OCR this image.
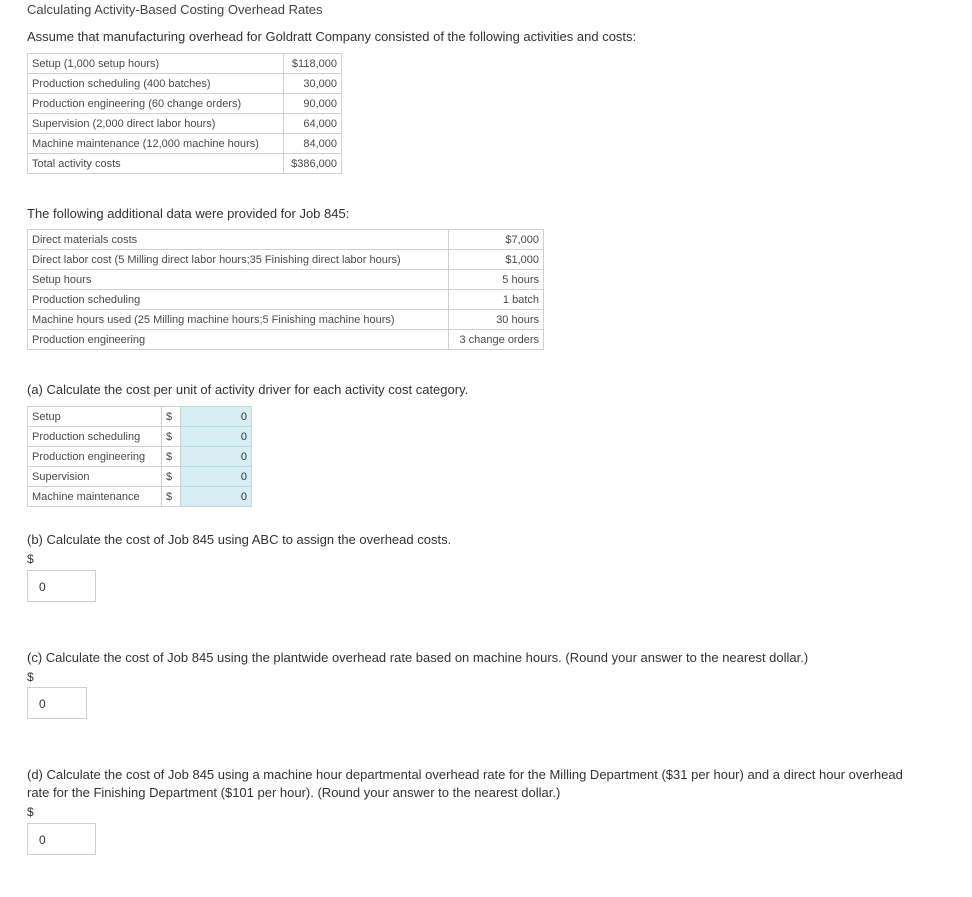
Calculating Activity-Based Costing Overhead Rates
Assume that manufacturing overhead for Goldratt Company consisted of the following activities and costs:
Setup (1,000 setup hours)	$118,000
Production scheduling (400 batches)	30,000
Production engineering (60 change orders)	90,000
Supervision (2,000 direct labor hours)	64,000
Machine maintenance (12,000 machine hours)	84,000
Total activity costs	$386,000
The following additional data were provided for Job 845:
Direct materials costs	$7,000
Direct labor cost (5 Milling direct labor hours;35 Finishing direct labor hours)	$1,000
Setup hours	5 hours
Production scheduling	1 batch
Machine hours used (25 Milling machine hours;5 Finishing machine hours)	30 hours
Production engineering	3 change orders
(a) Calculate the cost per unit of activity driver for each activity cost category.
Setup	$	0
Production scheduling	$	0
Production engineering	$	0
Supervision	$	0
Machine maintenance	$	0
(b) Calculate the cost of Job 845 using ABC to assign the overhead costs.
$
0
(c) Calculate the cost of Job 845 using the plantwide overhead rate based on machine hours. (Round your answer to the nearest dollar.)
$
0
(d) Calculate the cost of Job 845 using a machine hour departmental overhead rate for the Milling Department ($31 per hour) and a direct hour overhead
rate for the Finishing Department ($101 per hour). (Round your answer to the nearest dollar.)
$
0
